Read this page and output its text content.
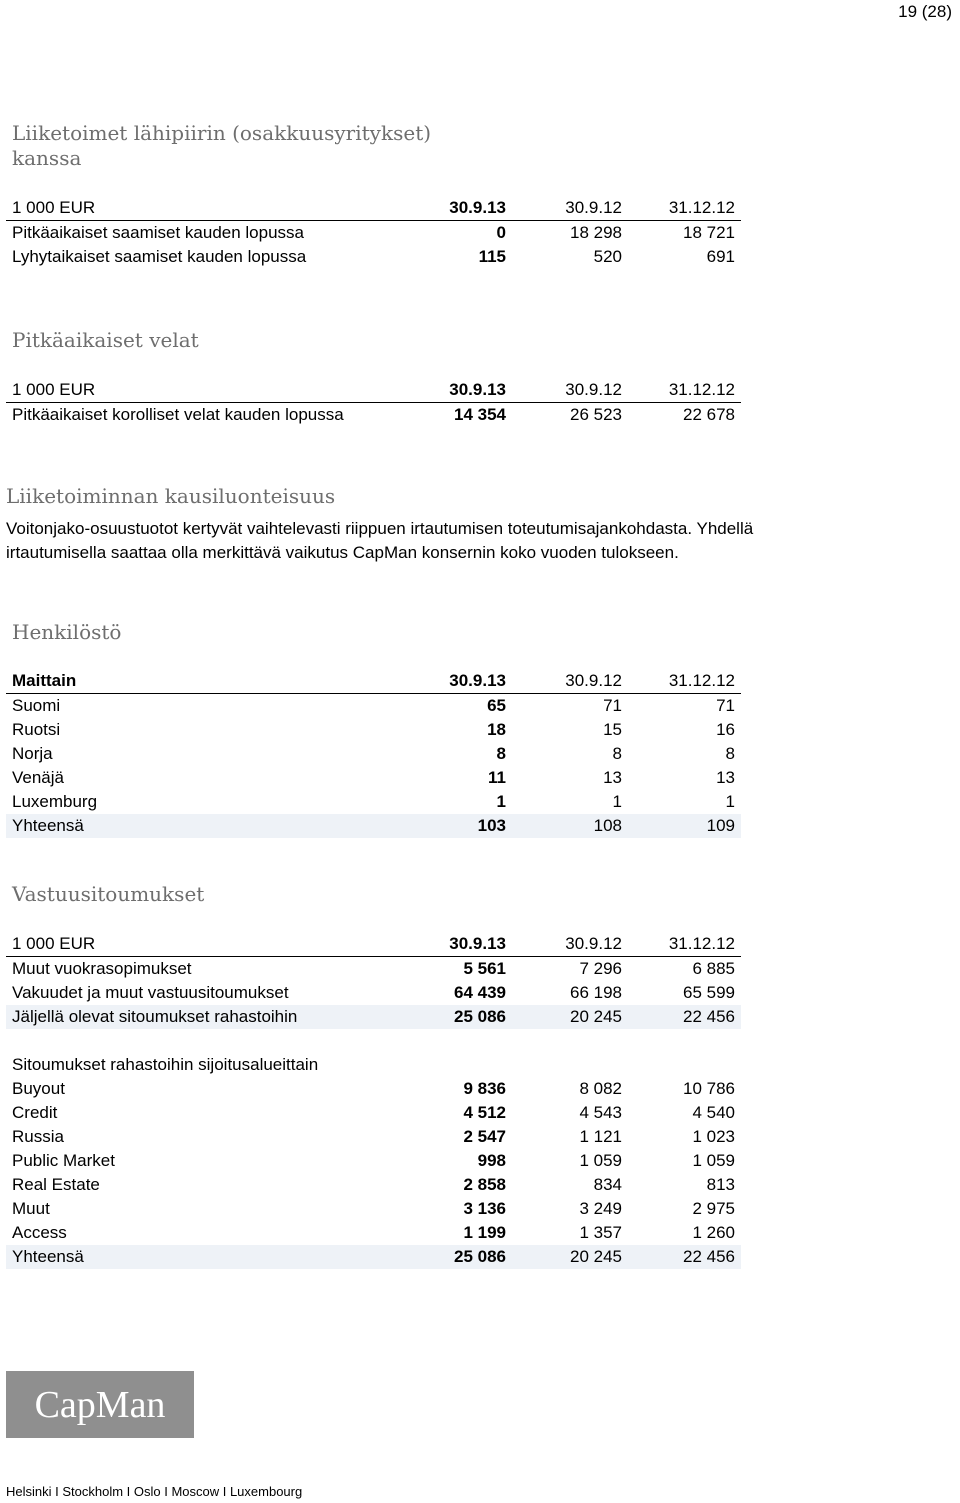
19 (28)
Liiketoimet lähipiirin (osakkuusyritykset)
kanssa
1 000 EUR	30.9.13	30.9.12	31.12.12
Pitkäaikaiset saamiset kauden lopussa	0	18 298	18 721
Lyhytaikaiset saamiset kauden lopussa	115	520	691
Pitkäaikaiset velat
1 000 EUR	30.9.13	30.9.12	31.12.12
Pitkäaikaiset korolliset velat kauden lopussa	14 354	26 523	22 678
Liiketoiminnan kausiluonteisuus

Voitonjako-osuustuotot kertyvät vaihtelevasti riippuen irtautumisen toteutumisajankohdasta. Yhdellä
irtautumisella saattaa olla merkittävä vaikutus CapMan konsernin koko vuoden tulokseen.

Henkilöstö
Maittain	30.9.13	30.9.12	31.12.12
Suomi	65	71	71
Ruotsi	18	15	16
Norja	8	8	8
Venäjä	11	13	13
Luxemburg	1	1	1
Yhteensä	103	108	109
Vastuusitoumukset
1 000 EUR	30.9.13	30.9.12	31.12.12
Muut vuokrasopimukset	5 561	7 296	6 885
Vakuudet ja muut vastuusitoumukset	64 439	66 198	65 599
Jäljellä olevat sitoumukset rahastoihin	25 086	20 245	22 456

Sitoumukset rahastoihin sijoitusalueittain			
Buyout	9 836	8 082	10 786
Credit	4 512	4 543	4 540
Russia	2 547	1 121	1 023
Public Market	998	1 059	1 059
Real Estate	2 858	834	813
Muut	3 136	3 249	2 975
Access	1 199	1 357	1 260
Yhteensä	25 086	20 245	22 456
CapMan

Helsinki I Stockholm I Oslo I Moscow I Luxembourg
